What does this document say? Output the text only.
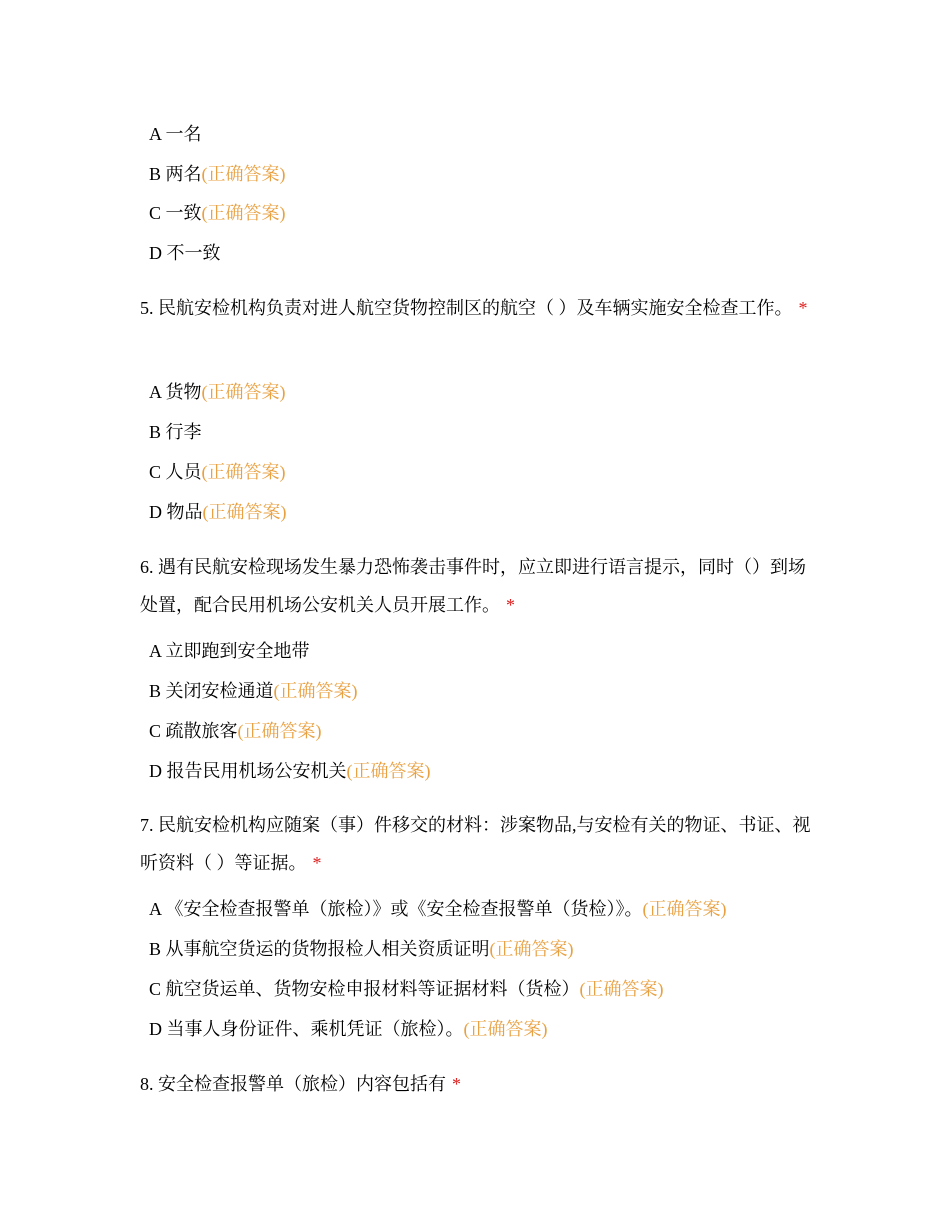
A 一名
B 两名(正确答案)
C 一致(正确答案)
D 不一致
5. 民航安检机构负责对进人航空货物控制区的航空（ ）及车辆实施安全检查工作。 *
A 货物(正确答案)
B 行李
C 人员(正确答案)
D 物品(正确答案)
6. 遇有民航安检现场发生暴力恐怖袭击事件时，应立即进行语言提示，同时（）到场处置，配合民用机场公安机关人员开展工作。 *
A 立即跑到安全地带
B 关闭安检通道(正确答案)
C 疏散旅客(正确答案)
D 报告民用机场公安机关(正确答案)
7. 民航安检机构应随案（事）件移交的材料：涉案物品,与安检有关的物证、书证、视听资料（ ）等证据。 *
A 《安全检查报警单（旅检）》或《安全检查报警单（货检）》。(正确答案)
B 从事航空货运的货物报检人相关资质证明(正确答案)
C 航空货运单、货物安检申报材料等证据材料（货检）(正确答案)
D 当事人身份证件、乘机凭证（旅检）。(正确答案)
8. 安全检查报警单（旅检）内容包括有 *
